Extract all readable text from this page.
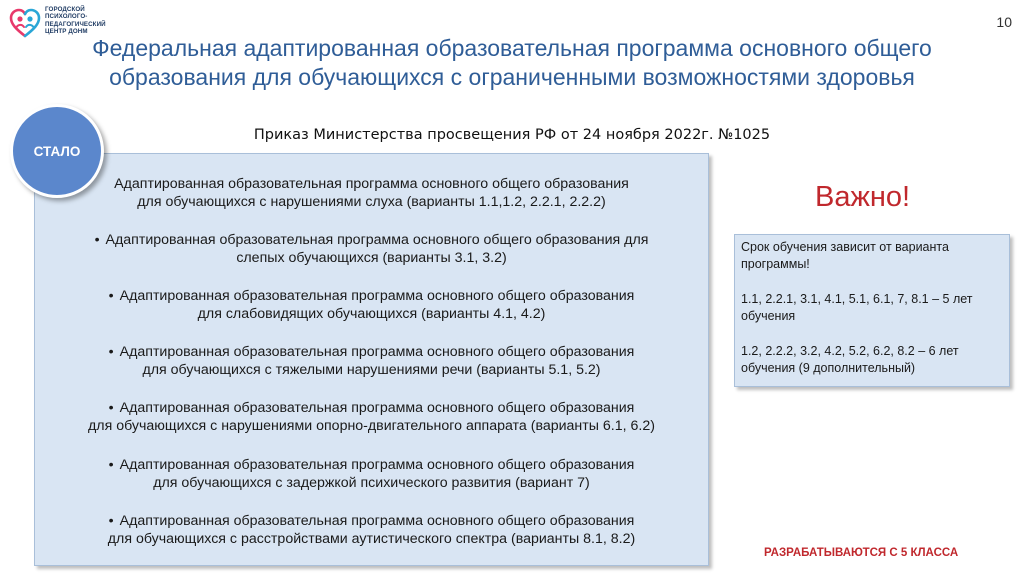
ГОРОДСКОЙ
ПСИХОЛОГО-
ПЕДАГОГИЧЕСКИЙ
ЦЕНТР ДОНМ
10
Федеральная адаптированная образовательная программа основного общего образования для обучающихся с ограниченными возможностями здоровья
Приказ Министерства просвещения РФ от 24 ноября 2022г. №1025
СТАЛО
Адаптированная образовательная программа основного общего образования
для обучающихся с нарушениями слуха (варианты 1.1,1.2, 2.2.1, 2.2.2)
• Адаптированная образовательная программа основного общего образования для
слепых обучающихся (варианты 3.1, 3.2)
• Адаптированная образовательная программа основного общего образования
для слабовидящих обучающихся (варианты 4.1, 4.2)
• Адаптированная образовательная программа основного общего образования
для обучающихся с тяжелыми нарушениями речи (варианты 5.1, 5.2)
• Адаптированная образовательная программа основного общего образования
для обучающихся с нарушениями опорно-двигательного аппарата (варианты 6.1, 6.2)
• Адаптированная образовательная программа основного общего образования
для обучающихся с задержкой психического развития (вариант 7)
• Адаптированная образовательная программа основного общего образования
для обучающихся с расстройствами аутистического спектра (варианты 8.1, 8.2)
Важно!

Срок обучения зависит от варианта программы!

1.1, 2.2.1, 3.1, 4.1, 5.1, 6.1, 7, 8.1 – 5 лет обучения

1.2, 2.2.2, 3.2, 4.2, 5.2, 6.2, 8.2 – 6 лет обучения (9 дополнительный)

РАЗРАБАТЫВАЮТСЯ С 5 КЛАССА
